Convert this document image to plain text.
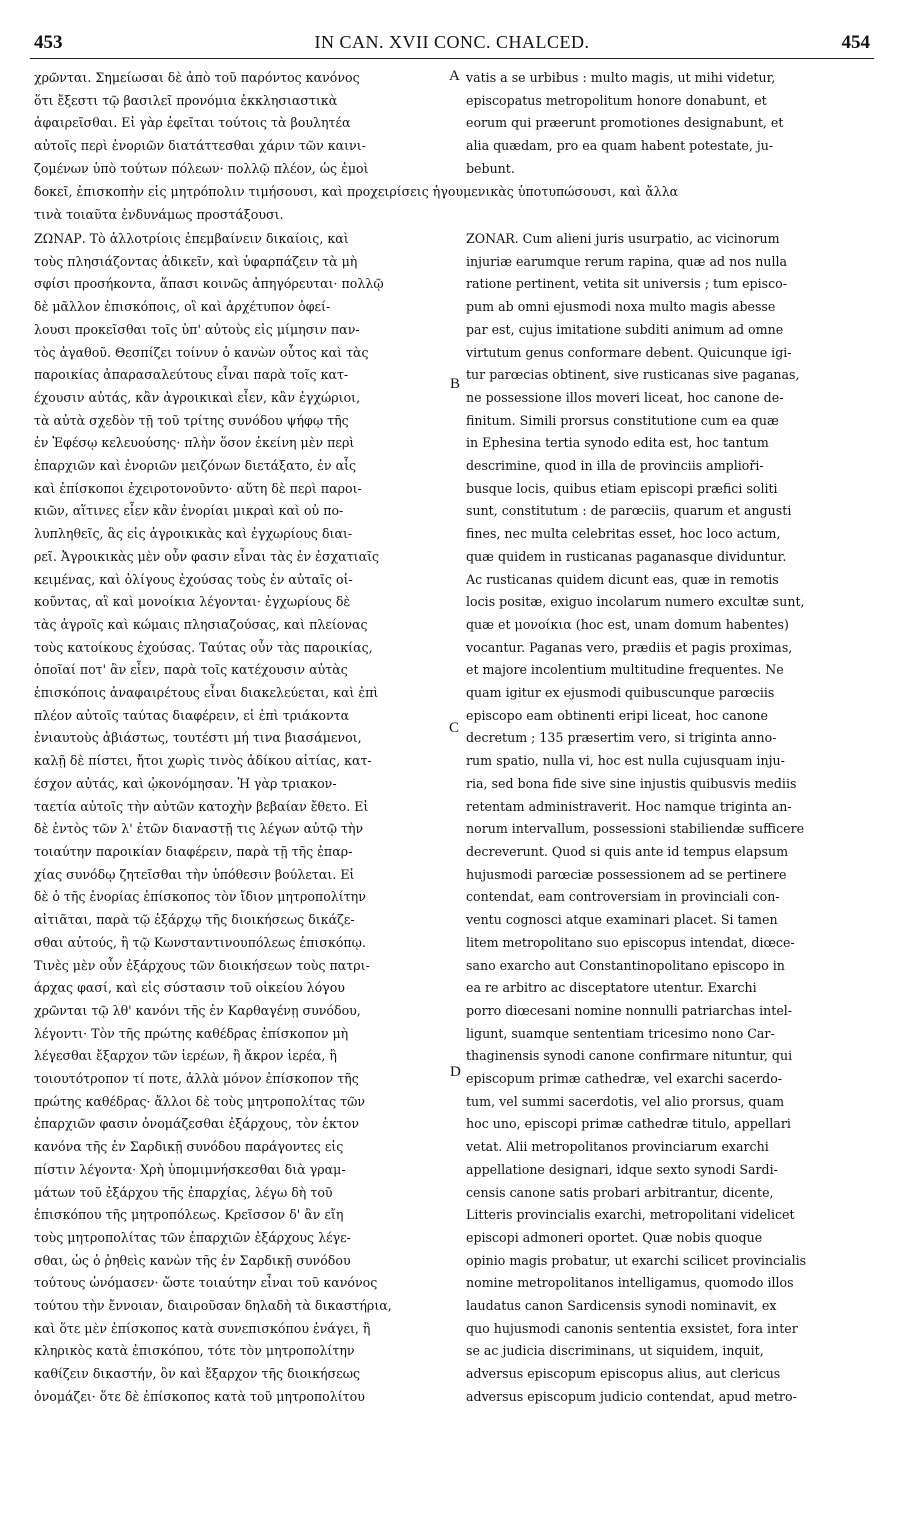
453	IN CAN. XVII CONC. CHALCED.	454
χρῶνται. Σημείωσαι δὲ ἀπὸ τοῦ παρόντος κανόνος
ὅτι ἔξεστι τῷ βασιλεῖ προνόμια ἐκκλησιαστικὰ
ἀφαιρεῖσθαι. Εἰ γὰρ ἐφεῖται τούτοις τὰ βουλητέα
αὐτοῖς περὶ ἐνοριῶν διατάττεσθαι χάριν τῶν καινι-
ζομένων ὑπὸ τούτων πόλεων· πολλῷ πλέον, ὡς ἐμοὶ
vatis a se urbibus : multo magis, ut mihi videtur,
episcopatus metropolitum honore donabunt, et
eorum qui præerunt promotiones designabunt, et
alia quædam, pro ea quam habent potestate, ju-
bebunt.
δοκεῖ, ἐπισκοπὴν εἰς μητρόπολιν τιμήσουσι, καὶ προχειρίσεις ἡγουμενικὰς ὑποτυπώσουσι, καὶ ἄλλα
τινὰ τοιαῦτα ἐνδυνάμως προστάξουσι.
ΖΩΝΑΡ. Τὸ ἀλλοτρίοις ἐπεμβαίνειν δικαίοις, καὶ
τοὺς πλησιάζοντας ἀδικεῖν, καὶ ὑφαρπάζειν τὰ μὴ
σφίσι προσήκοντα, ἅπασι κοινῶς ἀπηγόρευται· πολλῷ
δὲ μᾶλλον ἐπισκόποις, οἳ καὶ ἀρχέτυπον ὀφεί-
λουσι προκεῖσθαι τοῖς ὑπ' αὐτοὺς εἰς μίμησιν παν-
τὸς ἀγαθοῦ. Θεσπίζει τοίνυν ὁ κανὼν οὗτος καὶ τὰς
παροικίας ἀπαρασαλεύτους εἶναι παρὰ τοῖς κατ-
έχουσιν αὐτάς, κἂν ἀγροικικαὶ εἶεν, κἂν ἐγχώριοι,
τὰ αὐτὰ σχεδὸν τῇ τοῦ τρίτης συνόδου ψήφῳ τῆς
ἐν Ἐφέσῳ κελευούσης· πλὴν ὅσον ἐκείνη μὲν περὶ
ἐπαρχιῶν καὶ ἐνοριῶν μειζόνων διετάξατο, ἐν αἷς
καὶ ἐπίσκοποι ἐχειροτονοῦντο· αὕτη δὲ περὶ παροι-
κιῶν, αἵτινες εἶεν κἂν ἐνορίαι μικραὶ καὶ οὐ πο-
λυπληθεῖς, ἃς εἰς ἀγροικικὰς καὶ ἐγχωρίους διαι-
ρεῖ. Ἀγροικικὰς μὲν οὖν φασιν εἶναι τὰς ἐν ἐσχατιαῖς
κειμένας, καὶ ὀλίγους ἐχούσας τοὺς ἐν αὐταῖς οἰ-
κοῦντας, αἳ καὶ μονοίκια λέγονται· ἐγχωρίους δὲ
τὰς ἀγροῖς καὶ κώμαις πλησιαζούσας, καὶ πλείονας
τοὺς κατοίκους ἐχούσας. Ταύτας οὖν τὰς παροικίας,
ὁποῖαί ποτ' ἂν εἶεν, παρὰ τοῖς κατέχουσιν αὐτὰς
ἐπισκόποις ἀναφαιρέτους εἶναι διακελεύεται, καὶ ἐπὶ
πλέον αὐτοῖς ταύτας διαφέρειν, εἰ ἐπὶ τριάκοντα
ἐνιαυτοὺς ἀβιάστως, τουτέστι μή τινα βιασάμενοι,
καλῇ δὲ πίστει, ἤτοι χωρὶς τινὸς ἀδίκου αἰτίας, κατ-
έσχον αὐτάς, καὶ ᾠκονόμησαν. Ἡ γὰρ τριακον-
ταετία αὐτοῖς τὴν αὐτῶν κατοχὴν βεβαίαν ἔθετο. Εἰ
δὲ ἐντὸς τῶν λ' ἐτῶν διαναστῇ τις λέγων αὐτῷ τὴν
τοιαύτην παροικίαν διαφέρειν, παρὰ τῇ τῆς ἐπαρ-
χίας συνόδῳ ζητεῖσθαι τὴν ὑπόθεσιν βούλεται. Εἰ
δὲ ὁ τῆς ἐνορίας ἐπίσκοπος τὸν ἴδιον μητροπολίτην
αἰτιᾶται, παρὰ τῷ ἐξάρχῳ τῆς διοικήσεως δικάζε-
σθαι αὐτούς, ἢ τῷ Κωνσταντινουπόλεως ἐπισκόπῳ.
Τινὲς μὲν οὖν ἐξάρχους τῶν διοικήσεων τοὺς πατρι-
άρχας φασί, καὶ εἰς σύστασιν τοῦ οἰκείου λόγου
χρῶνται τῷ λθ' κανόνι τῆς ἐν Καρθαγένῃ συνόδου,
λέγοντι· Τὸν τῆς πρώτης καθέδρας ἐπίσκοπον μὴ
λέγεσθαι ἔξαρχον τῶν ἱερέων, ἢ ἄκρον ἱερέα, ἢ
τοιουτότροπον τί ποτε, ἀλλὰ μόνον ἐπίσκοπον τῆς
πρώτης καθέδρας· ἄλλοι δὲ τοὺς μητροπολίτας τῶν
ἐπαρχιῶν φασιν ὀνομάζεσθαι ἐξάρχους, τὸν ἑκτον
κανόνα τῆς ἐν Σαρδικῇ συνόδου παράγοντες εἰς
πίστιν λέγοντα· Χρὴ ὑπομιμνήσκεσθαι διὰ γραμ-
μάτων τοῦ ἐξάρχου τῆς ἐπαρχίας, λέγω δὴ τοῦ
ἐπισκόπου τῆς μητροπόλεως. Κρεῖσσον δ' ἂν εἴη
τοὺς μητροπολίτας τῶν ἐπαρχιῶν ἐξάρχους λέγε-
σθαι, ὡς ὁ ῥηθεὶς κανὼν τῆς ἐν Σαρδικῇ συνόδου
τούτους ὠνόμασεν· ὥστε τοιαύτην εἶναι τοῦ κανόνος
τούτου τὴν ἔννοιαν, διαιροῦσαν δηλαδὴ τὰ δικαστήρια,
καὶ ὅτε μὲν ἐπίσκοπος κατὰ συνεπισκόπου ἐνάγει, ἢ
κληρικὸς κατὰ ἐπισκόπου, τότε τὸν μητροπολίτην
καθίζειν δικαστήν, ὃν καὶ ἔξαρχον τῆς διοικήσεως
ὀνομάζει· ὅτε δὲ ἐπίσκοπος κατὰ τοῦ μητροπολίτου
ZONAR. Cum alieni juris usurpatio, ac vicinorum
injuriæ earumque rerum rapina, quæ ad nos nulla
ratione pertinent, vetita sit universis ; tum episco-
pum ab omni ejusmodi noxa multo magis abesse
par est, cujus imitatione subditi animum ad omne
virtutum genus conformare debent. Quicunque igi-
tur parœcias obtinent, sive rusticanas sive paganas,
ne possessione illos moveri liceat, hoc canone de-
finitum. Simili prorsus constitutione cum ea quæ
in Ephesina tertia synodo edita est, hoc tantum
descrimine, quod in illa de provinciis amplioři-
busque locis, quibus etiam episcopi præfici soliti
sunt, constitutum : de parœciis, quarum et angusti
fines, nec multa celebritas esset, hoc loco actum,
quæ quidem in rusticanas paganasque dividuntur.
Ac rusticanas quidem dicunt eas, quæ in remotis
locis positæ, exiguo incolarum numero excultæ sunt,
quæ et μονοίκια (hoc est, unam domum habentes)
vocantur. Paganas vero, prædiis et pagis proximas,
et majore incolentium multitudine frequentes. Ne
quam igitur ex ejusmodi quibuscunque parœciis
episcopo eam obtinenti eripi liceat, hoc canone
decretum ; 135 præsertim vero, si triginta anno-
rum spatio, nulla vi, hoc est nulla cujusquam inju-
ria, sed bona fide sive sine injustis quibusvis mediis
retentam administraverit. Hoc namque triginta an-
norum intervallum, possessioni stabiliendæ sufficere
decreverunt. Quod si quis ante id tempus elapsum
hujusmodi parœciæ possessionem ad se pertinere
contendat, eam controversiam in provinciali con-
ventu cognosci atque examinari placet. Si tamen
litem metropolitano suo episcopus intendat, diœce-
sano exarcho aut Constantinopolitano episcopo in
ea re arbitro ac disceptatore utentur. Exarchi
porro diœcesani nomine nonnulli patriarchas intel-
ligunt, suamque sententiam tricesimo nono Car-
thaginensis synodi canone confirmare nituntur, qui
episcopum primæ cathedræ, vel exarchi sacerdo-
tum, vel summi sacerdotis, vel alio prorsus, quam
hoc uno, episcopi primæ cathedræ titulo, appellari
vetat. Alii metropolitanos provinciarum exarchi
appellatione designari, idque sexto synodi Sardi-
censis canone satis probari arbitrantur, dicente,
Litteris provincialis exarchi, metropolitani videlicet
episcopi admoneri oportet. Quæ nobis quoque
opinio magis probatur, ut exarchi scilicet provincialis
nomine metropolitanos intelligamus, quomodo illos
laudatus canon Sardicensis synodi nominavit, ex
quo hujusmodi canonis sententia exsistet, fora inter
se ac judicia discriminans, ut siquidem, inquit,
adversus episcopum episcopus alius, aut clericus
adversus episcopum judicio contendat, apud metro-
A
B
C
D
